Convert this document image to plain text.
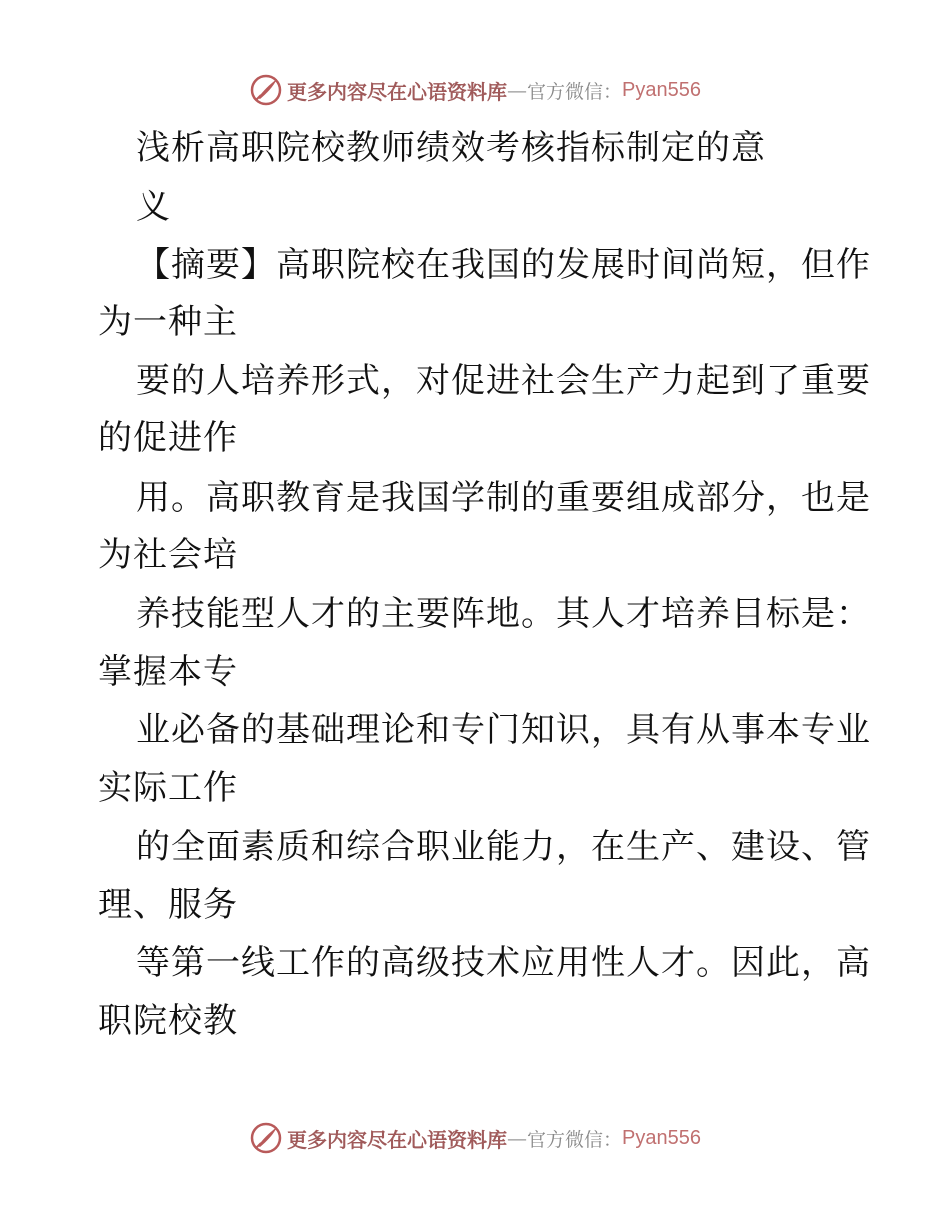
更多内容尽在心语资料库 — 官方微信： Pyan556
浅析高职院校教师绩效考核指标制定的意
义
【摘要】高职院校在我国的发展时间尚短，但作
为一种主
要的人培养形式，对促进社会生产力起到了重要
的促进作
用。高职教育是我国学制的重要组成部分，也是
为社会培
养技能型人才的主要阵地。其人才培养目标是：
掌握本专
业必备的基础理论和专门知识，具有从事本专业
实际工作
的全面素质和综合职业能力，在生产、建设、管
理、服务
等第一线工作的高级技术应用性人才。因此，高
职院校教
更多内容尽在心语资料库 — 官方微信： Pyan556
